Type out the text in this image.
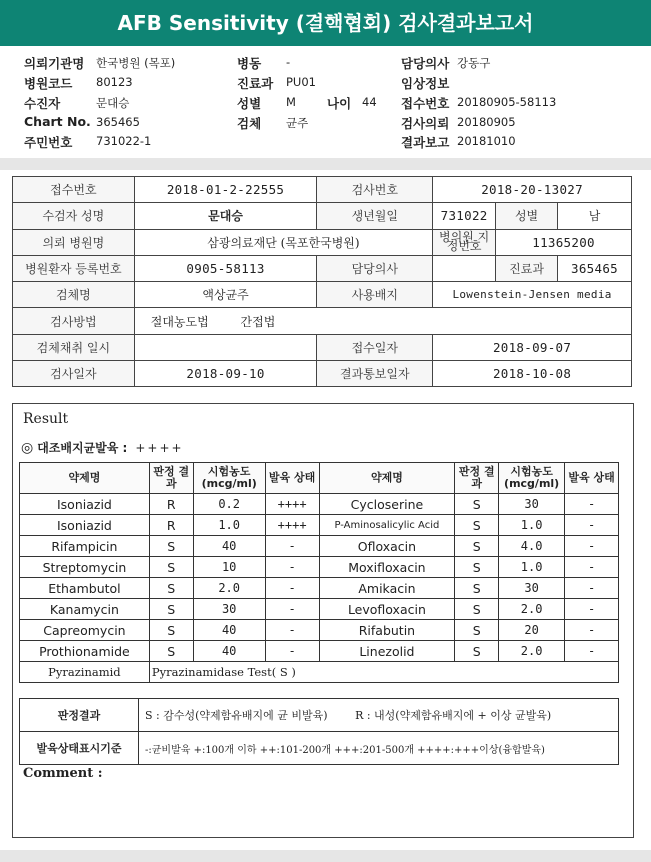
AFB Sensitivity (결핵협회) 검사결과보고서
의뢰기관명 한국병원 (목포)	병동 -	담당의사 강동구
병원코드 80123	진료과 PU01	임상정보
수진자	문대승	성별 M 나이 44 접수번호 20180905-58113
Chart No. 365465	검체 균주	검사의뢰 20180905
주민번호 731022-1	결과보고 20181010
접수번호	2018-01-2-22555	검사번호	2018-20-13027		
수검자 성명	문대승	생년월일	731022	성별	남
의뢰 병원명	삼광의료재단 (목포한국병원)		병의원 지정번호	11365200	
병원환자 등록번호	0905-58113	담당의사		진료과	365465
검체명	액상균주	사용배지	Lowenstein-Jensen media		
검사방법	절대농도법 간접법				
검체채취 일시		접수일자	2018-09-07		
검사일자	2018-09-10	결과통보일자	2018-10-08		
Result
◎ 대조배지균발육 : ++++
약제명	판정 결과	시험농도 (mcg/ml)	발육 상태	약제명	판정 결과	시험농도 (mcg/ml)	발육 상태
Isoniazid	R	0.2	++++	Cycloserine	S	30	-
Isoniazid	R	1.0	++++	P-Aminosalicylic Acid	S	1.0	-
Rifampicin	S	40	-	Ofloxacin	S	4.0	-
Streptomycin	S	10	-	Moxifloxacin	S	1.0	-
Ethambutol	S	2.0	-	Amikacin	S	30	-
Kanamycin	S	30	-	Levofloxacin	S	2.0	-
Capreomycin	S	40	-	Rifabutin	S	20	-
Prothionamide	S	40	-	Linezolid	S	2.0	-
Pyrazinamid	Pyrazinamidase Test( S )						
판정결과	S : 감수성(약제함유배지에 균 비발육) R : 내성(약제함유배지에 + 이상 균발육)
발육상태표시기준	-:균비발육 +:100개 이하 ++:101-200개 +++:201-500개 ++++:+++이상(융합발육)
Comment :
